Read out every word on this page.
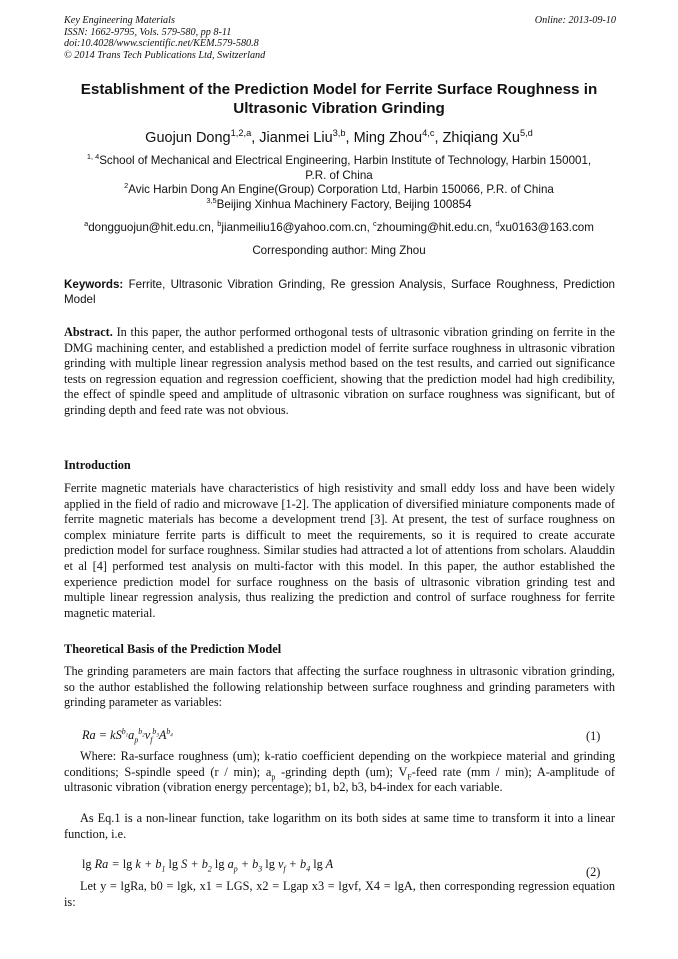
Key Engineering Materials
ISSN: 1662-9795, Vols. 579-580, pp 8-11
doi:10.4028/www.scientific.net/KEM.579-580.8
© 2014 Trans Tech Publications Ltd, Switzerland
Online: 2013-09-10
Establishment of the Prediction Model for Ferrite Surface Roughness in
Ultrasonic Vibration Grinding
Guojun Dong$^{1,2,a}$, Jianmei Liu$^{3,b}$, Ming Zhou$^{4,c}$, Zhiqiang Xu$^{5,d}$
$^{1, 4}$School of Mechanical and Electrical Engineering, Harbin Institute of Technology, Harbin 150001,
P.R. of China
$^2$Avic Harbin Dong An Engine(Group) Corporation Ltd, Harbin 150066, P.R. of China
$^{3,5}$Beijing Xinhua Machinery Factory, Beijing 100854
$^a$dongguojun@hit.edu.cn, $^b$jianmeiliu16@yahoo.com.cn, $^c$zhouming@hit.edu.cn, $^d$xu0163@163.com
Corresponding author: Ming Zhou
Keywords: Ferrite, Ultrasonic Vibration Grinding, Re gression Analysis, Surface Roughness, Prediction Model
Abstract. In this paper, the author performed orthogonal tests of ultrasonic vibration grinding on ferrite in the DMG machining center, and established a prediction model of ferrite surface roughness in ultrasonic vibration grinding with multiple linear regression analysis method based on the test results, and carried out significance tests on regression equation and regression coefficient, showing that the prediction model had high credibility, the effect of spindle speed and amplitude of ultrasonic vibration on surface roughness was significant, but of grinding depth and feed rate was not obvious.
Introduction
Ferrite magnetic materials have characteristics of high resistivity and small eddy loss and have been widely applied in the field of radio and microwave [1-2]. The application of diversified miniature components made of ferrite magnetic materials has become a development trend [3]. At present, the test of surface roughness on complex miniature ferrite parts is difficult to meet the requirements, so it is required to create accurate prediction model for surface roughness. Similar studies had attracted a lot of attentions from scholars. Alauddin et al [4] performed test analysis on multi-factor with this model. In this paper, the author established the experience prediction model for surface roughness on the basis of ultrasonic vibration grinding test and multiple linear regression analysis, thus realizing the prediction and control of surface roughness for ferrite magnetic material.
Theoretical Basis of the Prediction Model
The grinding parameters are main factors that affecting the surface roughness in ultrasonic vibration grinding, so the author established the following relationship between surface roughness and grinding parameters with grinding parameter as variables:
$Ra = kS^{b_1}a_p^{b_2}v_f^{b_3}A^{b_4}$	(1)
Where: Ra-surface roughness (um); k-ratio coefficient depending on the workpiece material and grinding conditions; S-spindle speed (r / min); $a_p$ -grinding depth (um); $V_F$-feed rate (mm / min); A-amplitude of ultrasonic vibration (vibration energy percentage); b1, b2, b3, b4-index for each variable.
As Eq.1 is a non-linear function, take logarithm on its both sides at same time to transform it into a linear function, i.e.
$\lg Ra = \lg k + b_1$ $\lg S + b_2$ $\lg a_p + b_3$ $\lg v_f + b_4$ lg A
(2)
Let y = lgRa, b0 = lgk, x1 = LGS, x2 = Lgap x3 = lgvf, X4 = lgA, then corresponding regression equation is:
